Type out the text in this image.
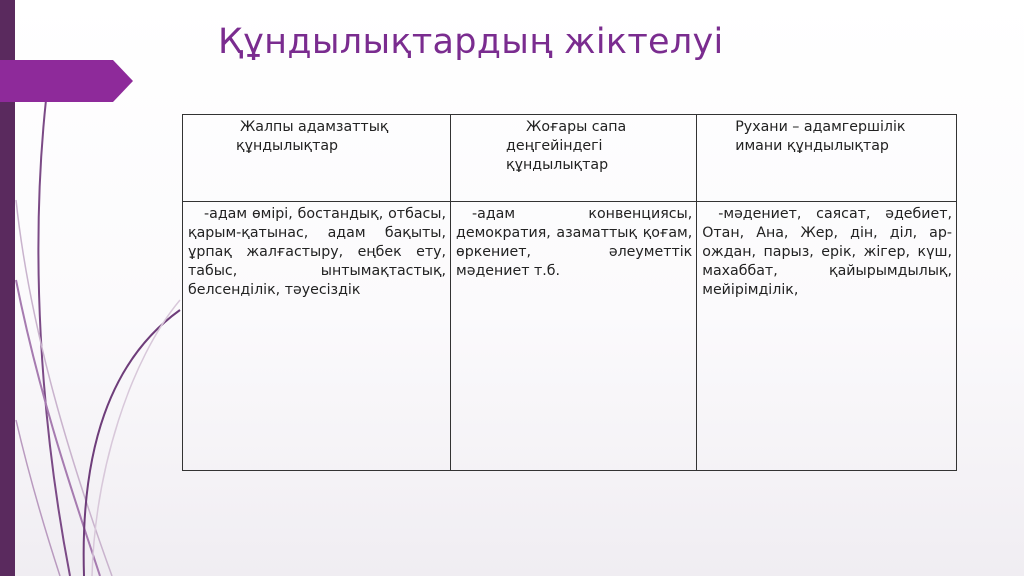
Құндылықтардың жіктелуі
Жалпы адамзаттық құндылықтар	Жоғары сапа деңгейіндегі құндылықтар	Рухани – адамгершілік имани құндылықтар

-адам өмірі, бостандық, отбасы, қарым-қатынас, адам бақыты, ұрпақ жалғастыру, еңбек ету, табыс, ынтымақтастық, белсенділік, тәуесіздік	-адам конвенциясы, демократия, азаматтық қоғам, өркениет, әлеуметтік мәдениет т.б.	-мәдениет, саясат, әдебиет, Отан, Ана, Жер, дін, діл, ар-ождан, парыз, ерік, жігер, күш, махаббат, қайырымдылық, мейірімділік,
